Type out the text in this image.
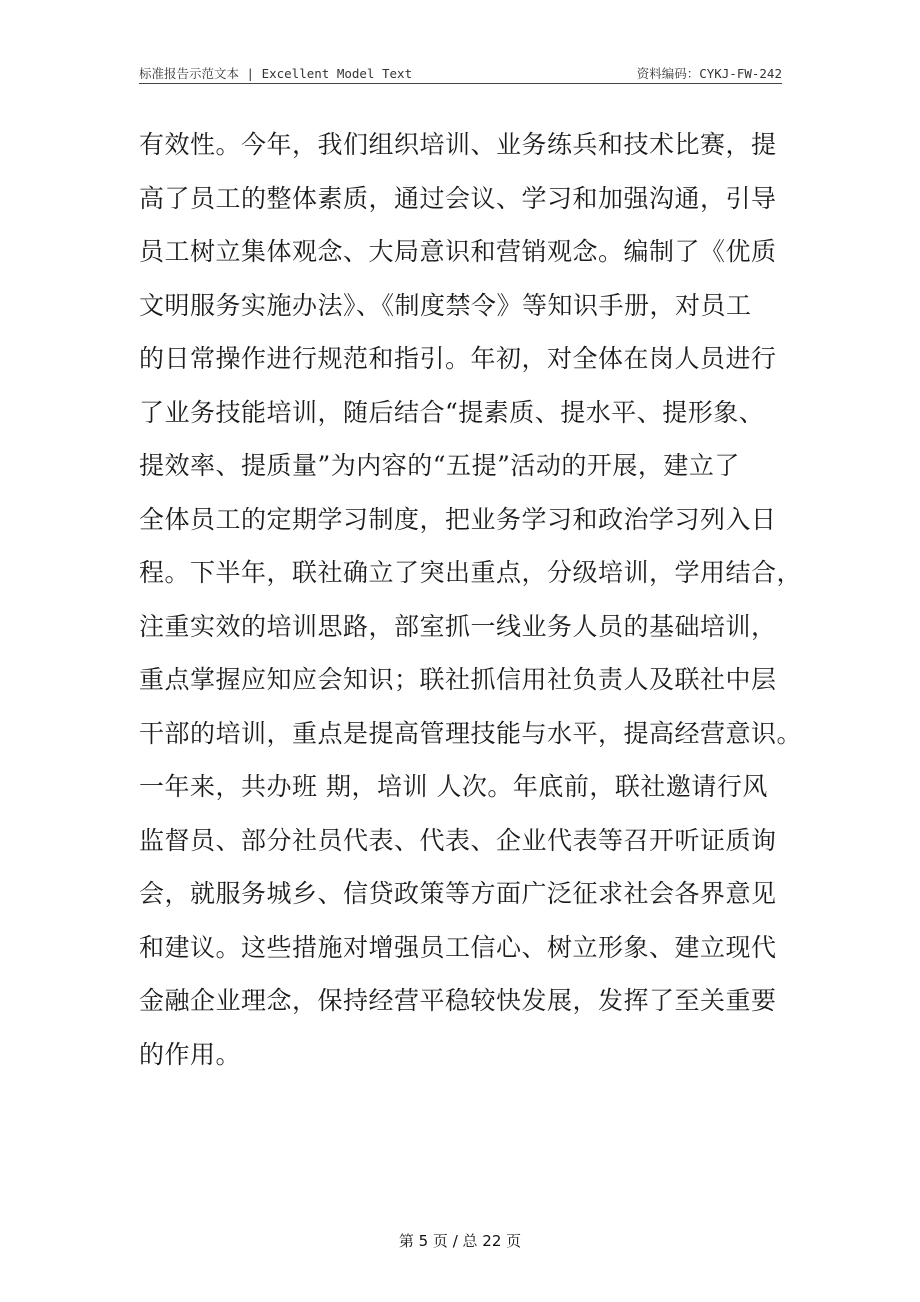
标准报告示范文本 | Excellent Model Text	资料编码：CYKJ-FW-242
有效性。今年，我们组织培训、业务练兵和技术比赛，提
高了员工的整体素质，通过会议、学习和加强沟通，引导
员工树立集体观念、大局意识和营销观念。编制了《优质
文明服务实施办法》、《制度禁令》等知识手册，对员工
的日常操作进行规范和指引。年初，对全体在岗人员进行
了业务技能培训，随后结合“提素质、提水平、提形象、
提效率、提质量”为内容的“五提”活动的开展，建立了
全体员工的定期学习制度，把业务学习和政治学习列入日
程。下半年，联社确立了突出重点，分级培训，学用结合，
注重实效的培训思路，部室抓一线业务人员的基础培训，
重点掌握应知应会知识；联社抓信用社负责人及联社中层
干部的培训，重点是提高管理技能与水平，提高经营意识。
一年来，共办班 期，培训 人次。年底前，联社邀请行风
监督员、部分社员代表、代表、企业代表等召开听证质询
会，就服务城乡、信贷政策等方面广泛征求社会各界意见
和建议。这些措施对增强员工信心、树立形象、建立现代
金融企业理念，保持经营平稳较快发展，发挥了至关重要
的作用。
第 5 页 / 总 22 页
